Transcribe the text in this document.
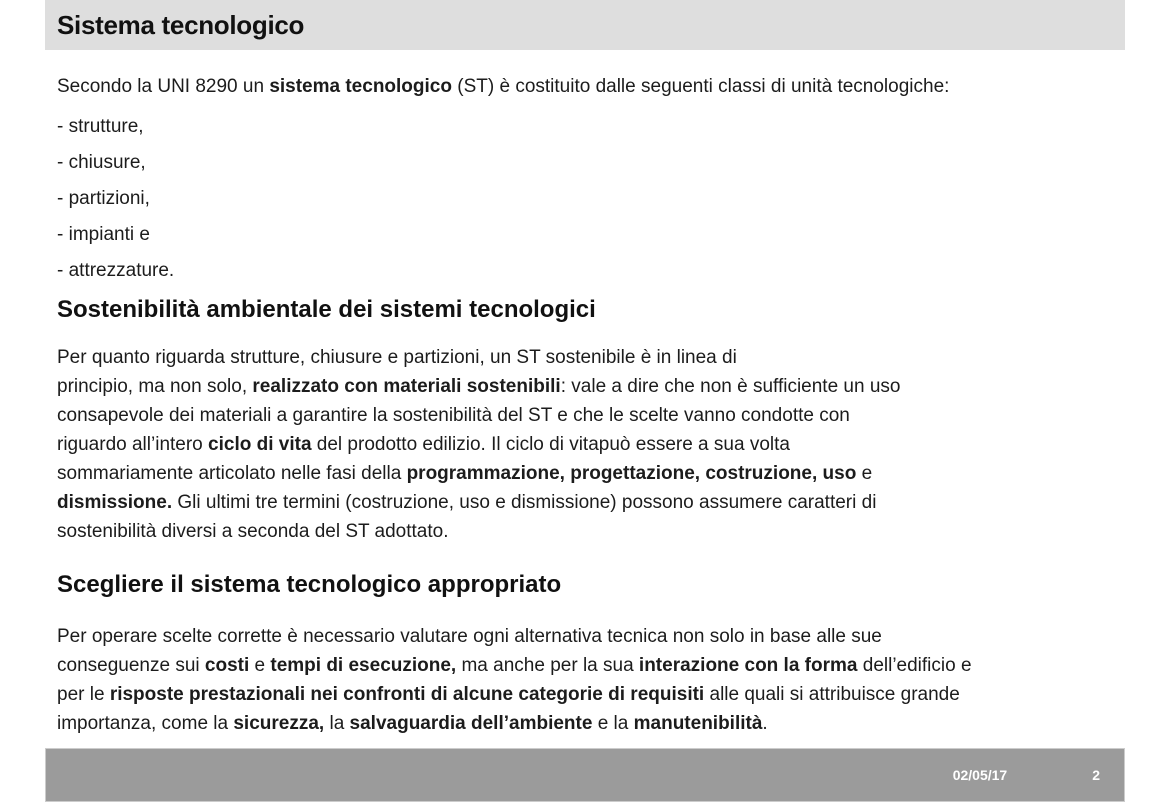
Sistema tecnologico
Secondo la UNI 8290 un sistema tecnologico (ST) è costituito dalle seguenti classi di unità tecnologiche:
- strutture,
- chiusure,
- partizioni,
- impianti e
- attrezzature.
Sostenibilità ambientale dei sistemi tecnologici
Per quanto riguarda strutture, chiusure e partizioni, un ST sostenibile è in linea di
principio, ma non solo, realizzato con materiali sostenibili: vale a dire che non è sufficiente un uso
consapevole dei materiali a garantire la sostenibilità del ST e che le scelte vanno condotte con
riguardo all’intero ciclo di vita del prodotto edilizio. Il ciclo di vitapuò essere a sua volta
sommariamente articolato nelle fasi della programmazione, progettazione, costruzione, uso e
dismissione. Gli ultimi tre termini (costruzione, uso e dismissione) possono assumere caratteri di
sostenibilità diversi a seconda del ST adottato.
Scegliere il sistema tecnologico appropriato
Per operare scelte corrette è necessario valutare ogni alternativa tecnica non solo in base alle sue
conseguenze sui costi e tempi di esecuzione, ma anche per la sua interazione con la forma dell’edificio e
per le risposte prestazionali nei confronti di alcune categorie di requisiti alle quali si attribuisce grande
importanza, come la sicurezza, la salvaguardia dell’ambiente e la manutenibilità.
02/05/17	2
